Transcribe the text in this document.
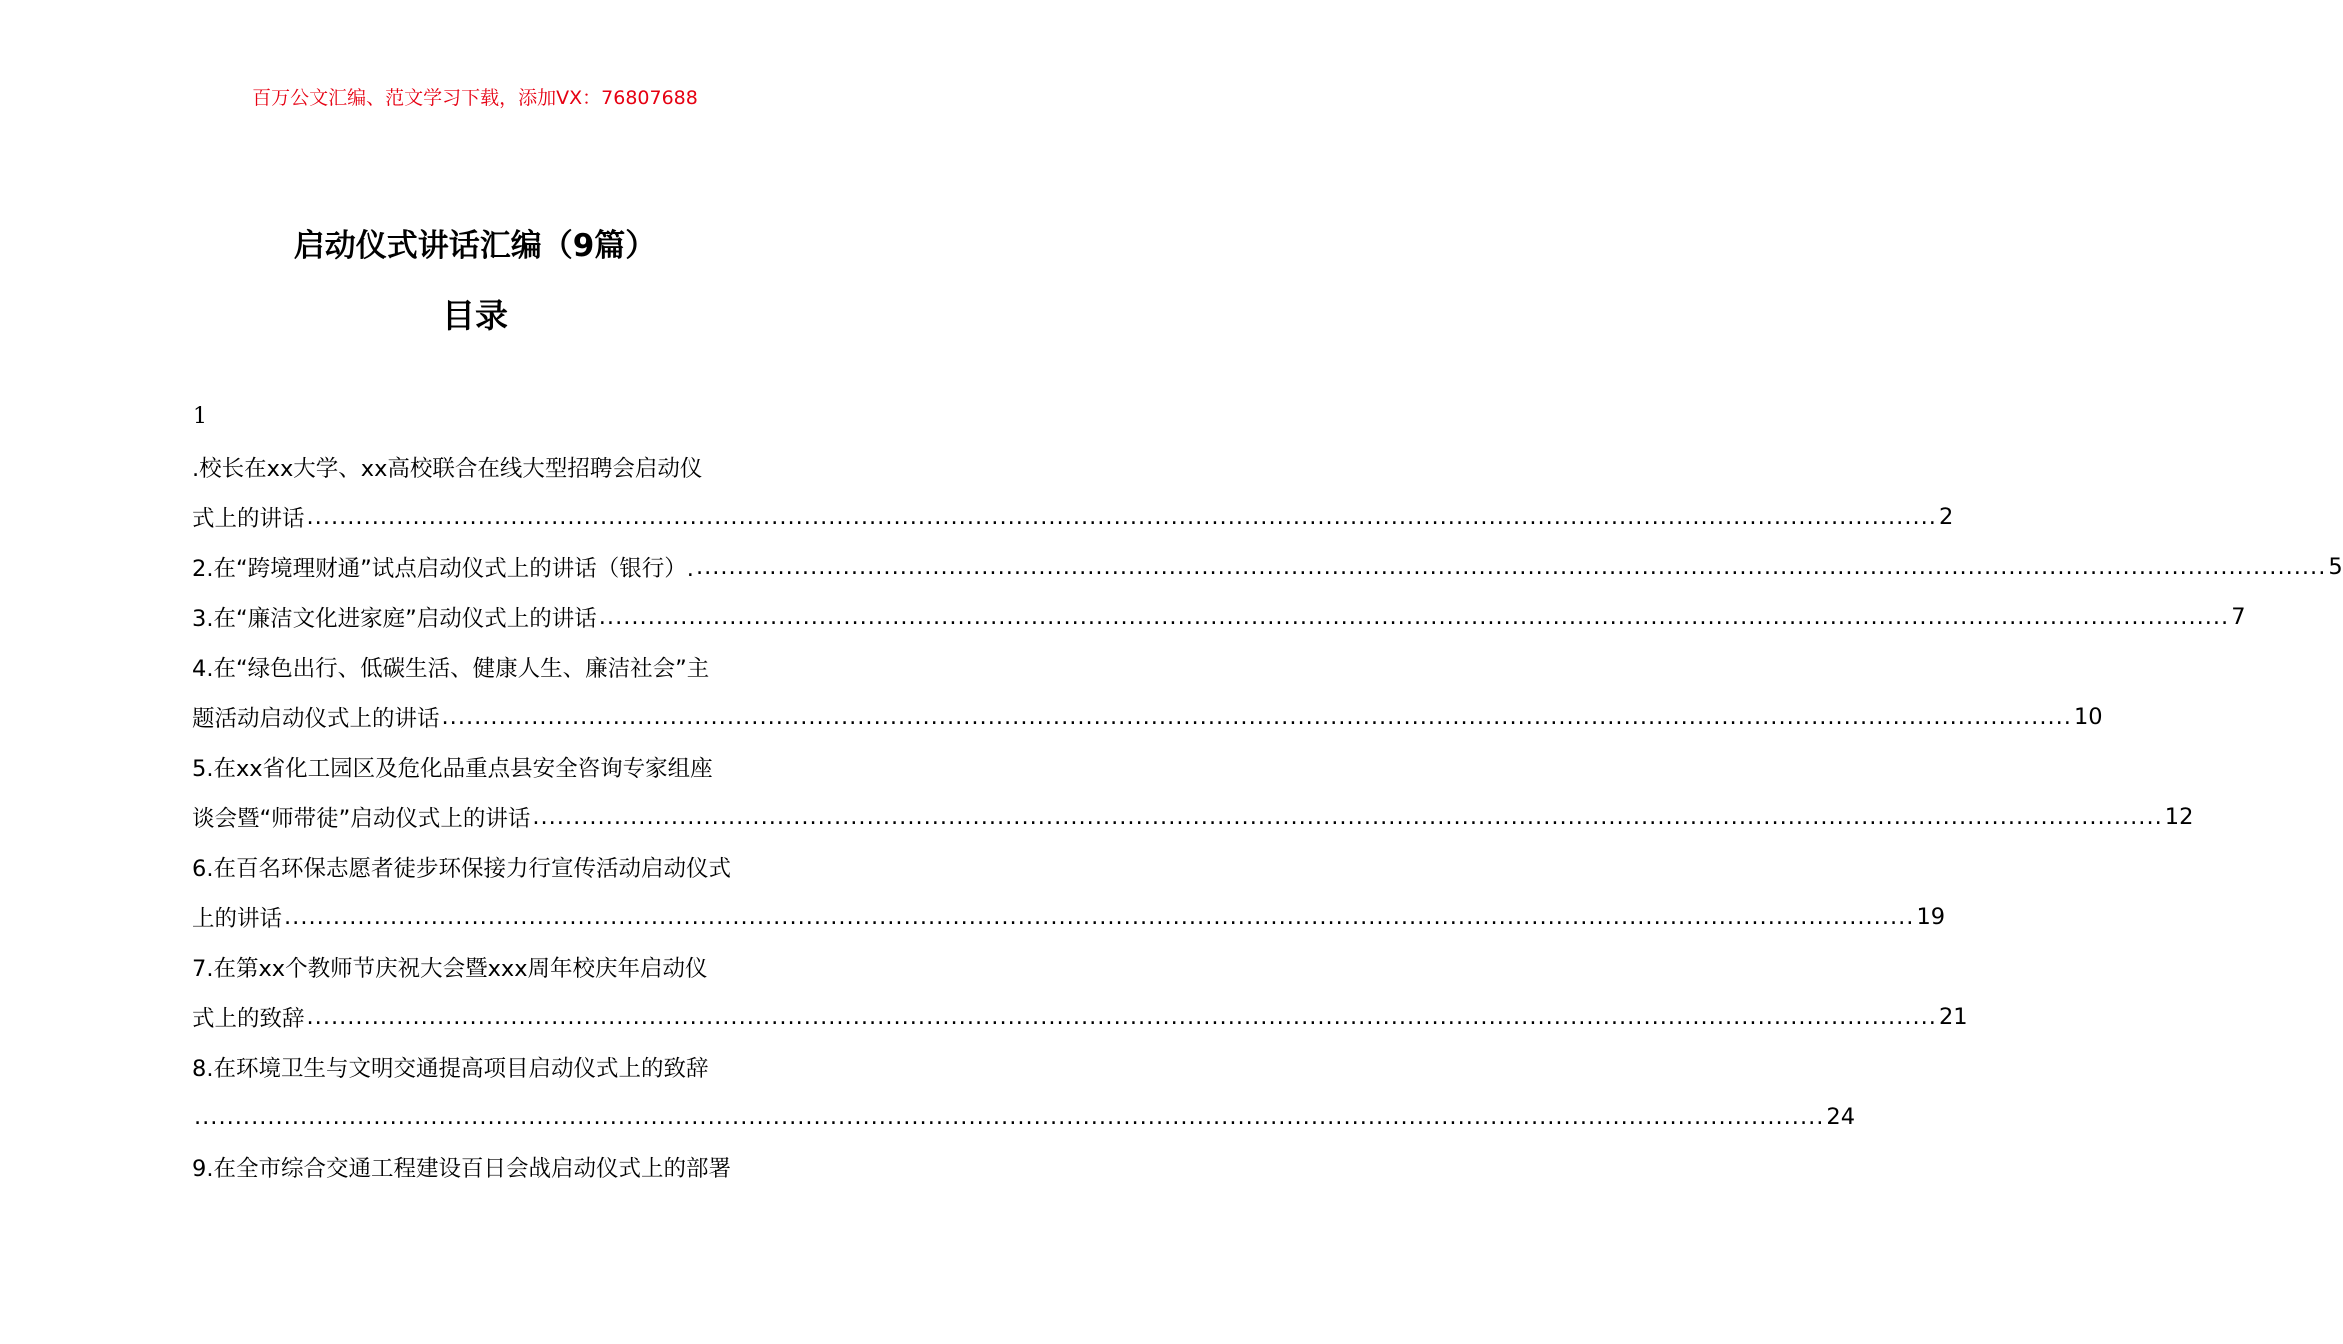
百万公文汇编、范文学习下载，添加VX：76807688
启动仪式讲话汇编（9篇）
目录
1
.校长在xx大学、xx高校联合在线大型招聘会启动仪
式上的讲话 ........................................................................................................................................................................................................ 2
2.在“跨境理财通”试点启动仪式上的讲话（银行）. ........................................................................................................................................................................................................ 5
3.在“廉洁文化进家庭”启动仪式上的讲话 ........................................................................................................................................................................................................ 7
4.在“绿色出行、低碳生活、健康人生、廉洁社会”主
题活动启动仪式上的讲话 ........................................................................................................................................................................................................ 10
5.在xx省化工园区及危化品重点县安全咨询专家组座
谈会暨“师带徒”启动仪式上的讲话 ........................................................................................................................................................................................................ 12
6.在百名环保志愿者徒步环保接力行宣传活动启动仪式
上的讲话 ........................................................................................................................................................................................................ 19
7.在第xx个教师节庆祝大会暨xxx周年校庆年启动仪
式上的致辞 ........................................................................................................................................................................................................ 21
8.在环境卫生与文明交通提高项目启动仪式上的致辞
........................................................................................................................................................................................................ 24
9.在全市综合交通工程建设百日会战启动仪式上的部署
